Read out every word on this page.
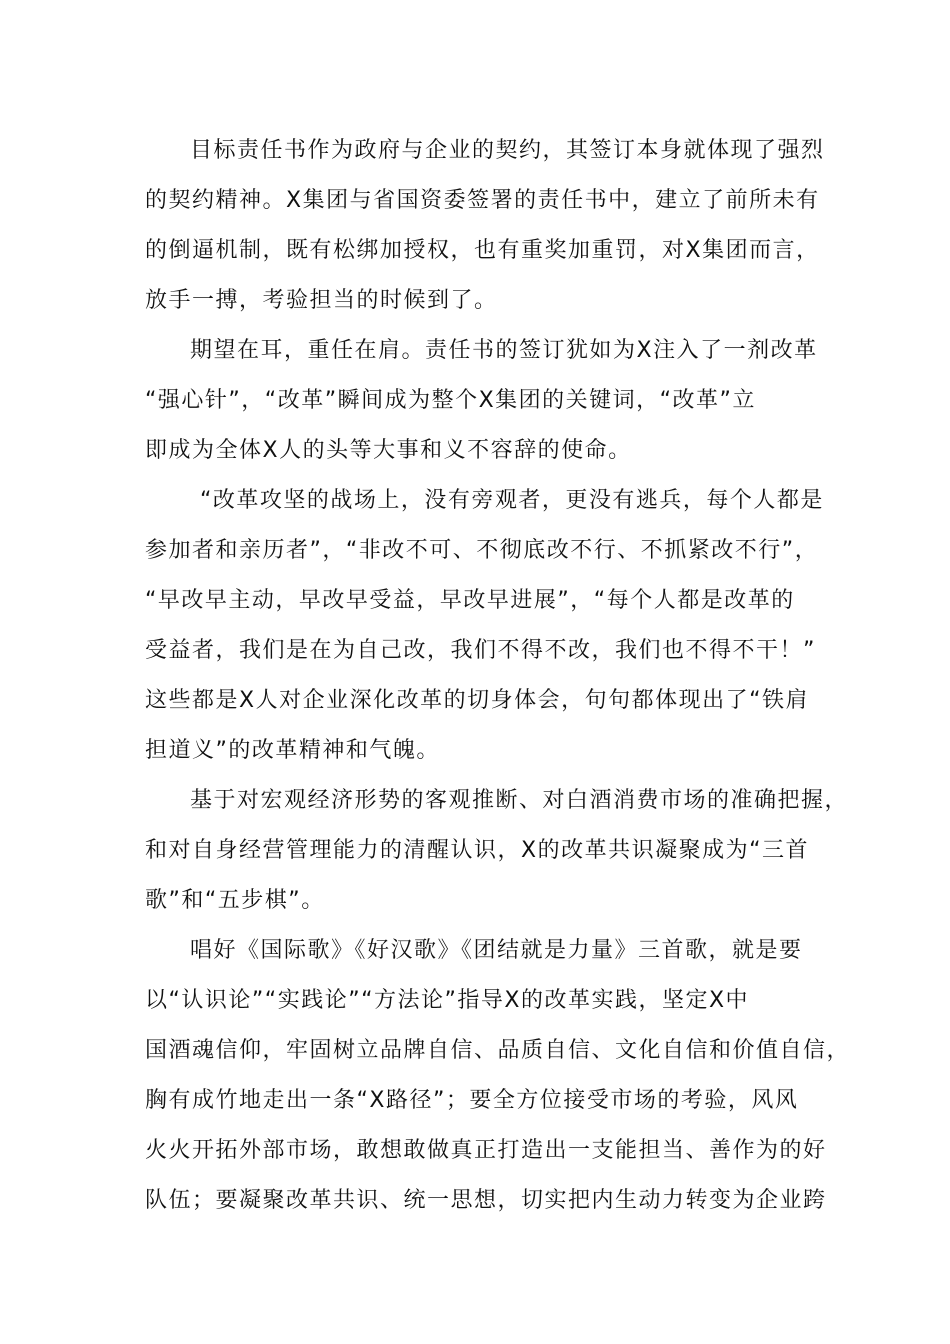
目标责任书作为政府与企业的契约，其签订本身就体现了强烈
的契约精神。X集团与省国资委签署的责任书中，建立了前所未有
的倒逼机制，既有松绑加授权，也有重奖加重罚，对X集团而言，
放手一搏，考验担当的时候到了。
期望在耳，重任在肩。责任书的签订犹如为X注入了一剂改革
“强心针”，“改革”瞬间成为整个X集团的关键词，“改革”立
即成为全体X人的头等大事和义不容辞的使命。
“改革攻坚的战场上，没有旁观者，更没有逃兵，每个人都是
参加者和亲历者”，“非改不可、不彻底改不行、不抓紧改不行”，
“早改早主动，早改早受益，早改早进展”，“每个人都是改革的
受益者，我们是在为自己改，我们不得不改，我们也不得不干！”
这些都是X人对企业深化改革的切身体会，句句都体现出了“铁肩
担道义”的改革精神和气魄。
基于对宏观经济形势的客观推断、对白酒消费市场的准确把握，
和对自身经营管理能力的清醒认识，X的改革共识凝聚成为“三首
歌”和“五步棋”。
唱好《国际歌》《好汉歌》《团结就是力量》三首歌，就是要
以“认识论”“实践论”“方法论”指导X的改革实践，坚定X中
国酒魂信仰，牢固树立品牌自信、品质自信、文化自信和价值自信，
胸有成竹地走出一条“X路径”；要全方位接受市场的考验，风风
火火开拓外部市场，敢想敢做真正打造出一支能担当、善作为的好
队伍；要凝聚改革共识、统一思想，切实把内生动力转变为企业跨
